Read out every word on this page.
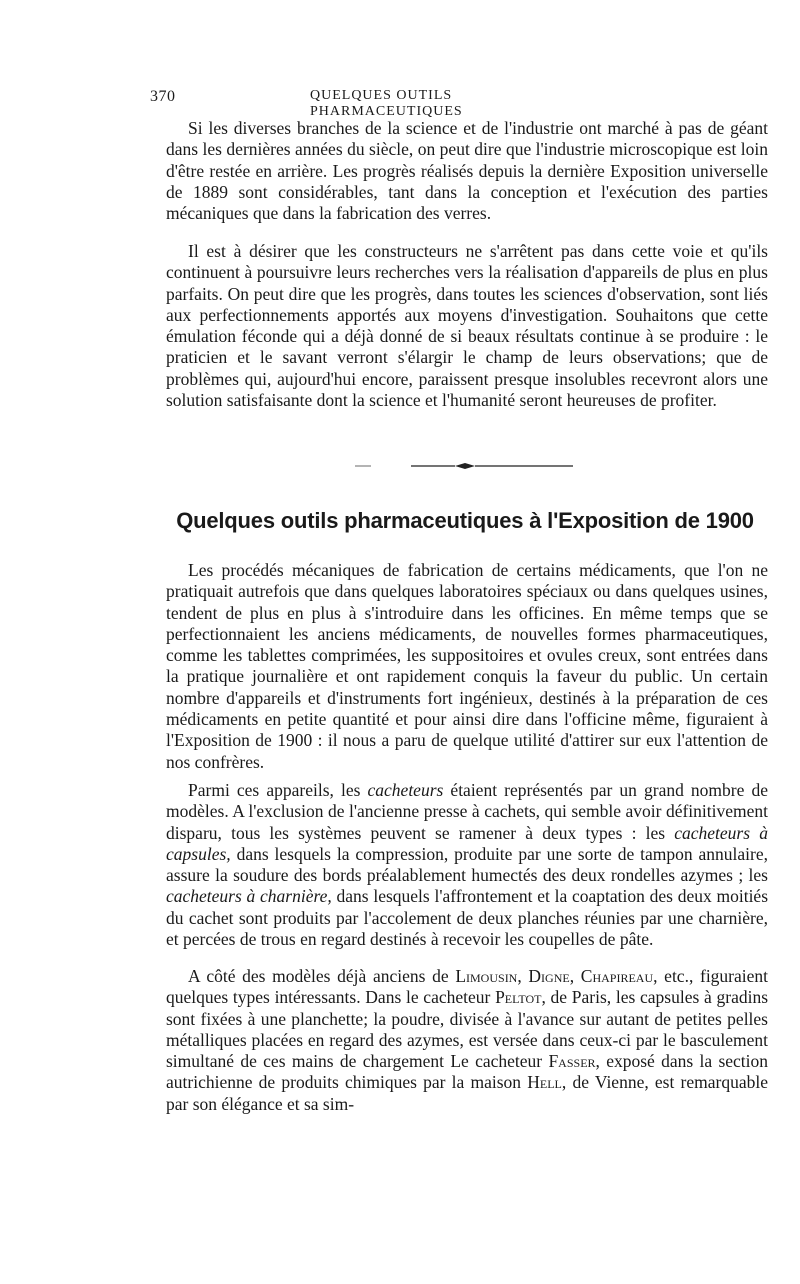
370	QUELQUES OUTILS PHARMACEUTIQUES

Si les diverses branches de la science et de l'industrie ont marché à pas de géant dans les dernières années du siècle, on peut dire que l'industrie microscopique est loin d'être restée en arrière. Les progrès réalisés depuis la dernière Exposition universelle de 1889 sont considérables, tant dans la conception et l'exécution des parties mécaniques que dans la fabrication des verres.

Il est à désirer que les constructeurs ne s'arrêtent pas dans cette voie et qu'ils continuent à poursuivre leurs recherches vers la réalisation d'appareils de plus en plus parfaits. On peut dire que les progrès, dans toutes les sciences d'observation, sont liés aux perfectionnements apportés aux moyens d'investigation. Souhaitons que cette émulation féconde qui a déjà donné de si beaux résultats continue à se produire : le praticien et le savant verront s'élargir le champ de leurs observations; que de problèmes qui, aujourd'hui encore, paraissent presque insolubles recevront alors une solution satisfaisante dont la science et l'humanité seront heureuses de profiter.

Quelques outils pharmaceutiques à l'Exposition de 1900

Les procédés mécaniques de fabrication de certains médicaments, que l'on ne pratiquait autrefois que dans quelques laboratoires spéciaux ou dans quelques usines, tendent de plus en plus à s'introduire dans les officines. En même temps que se perfectionnaient les anciens médicaments, de nouvelles formes pharmaceutiques, comme les tablettes comprimées, les suppositoires et ovules creux, sont entrées dans la pratique journalière et ont rapidement conquis la faveur du public. Un certain nombre d'appareils et d'instruments fort ingénieux, destinés à la préparation de ces médicaments en petite quantité et pour ainsi dire dans l'officine même, figuraient à l'Exposition de 1900 : il nous a paru de quelque utilité d'attirer sur eux l'attention de nos confrères.

Parmi ces appareils, les cacheteurs étaient représentés par un grand nombre de modèles. A l'exclusion de l'ancienne presse à cachets, qui semble avoir définitivement disparu, tous les systèmes peuvent se ramener à deux types : les cacheteurs à capsules, dans lesquels la compression, produite par une sorte de tampon annulaire, assure la soudure des bords préalablement humectés des deux rondelles azymes ; les cacheteurs à charnière, dans lesquels l'affrontement et la coaptation des deux moitiés du cachet sont produits par l'accolement de deux planches réunies par une charnière, et percées de trous en regard destinés à recevoir les coupelles de pâte.

A côté des modèles déjà anciens de Limousin, Digne, Chapireau, etc., figuraient quelques types intéressants. Dans le cacheteur Peltot, de Paris, les capsules à gradins sont fixées à une planchette; la poudre, divisée à l'avance sur autant de petites pelles métalliques placées en regard des azymes, est versée dans ceux-ci par le basculement simultané de ces mains de chargement Le cacheteur Fasser, exposé dans la section autrichienne de produits chimiques par la maison Hell, de Vienne, est remarquable par son élégance et sa sim-
